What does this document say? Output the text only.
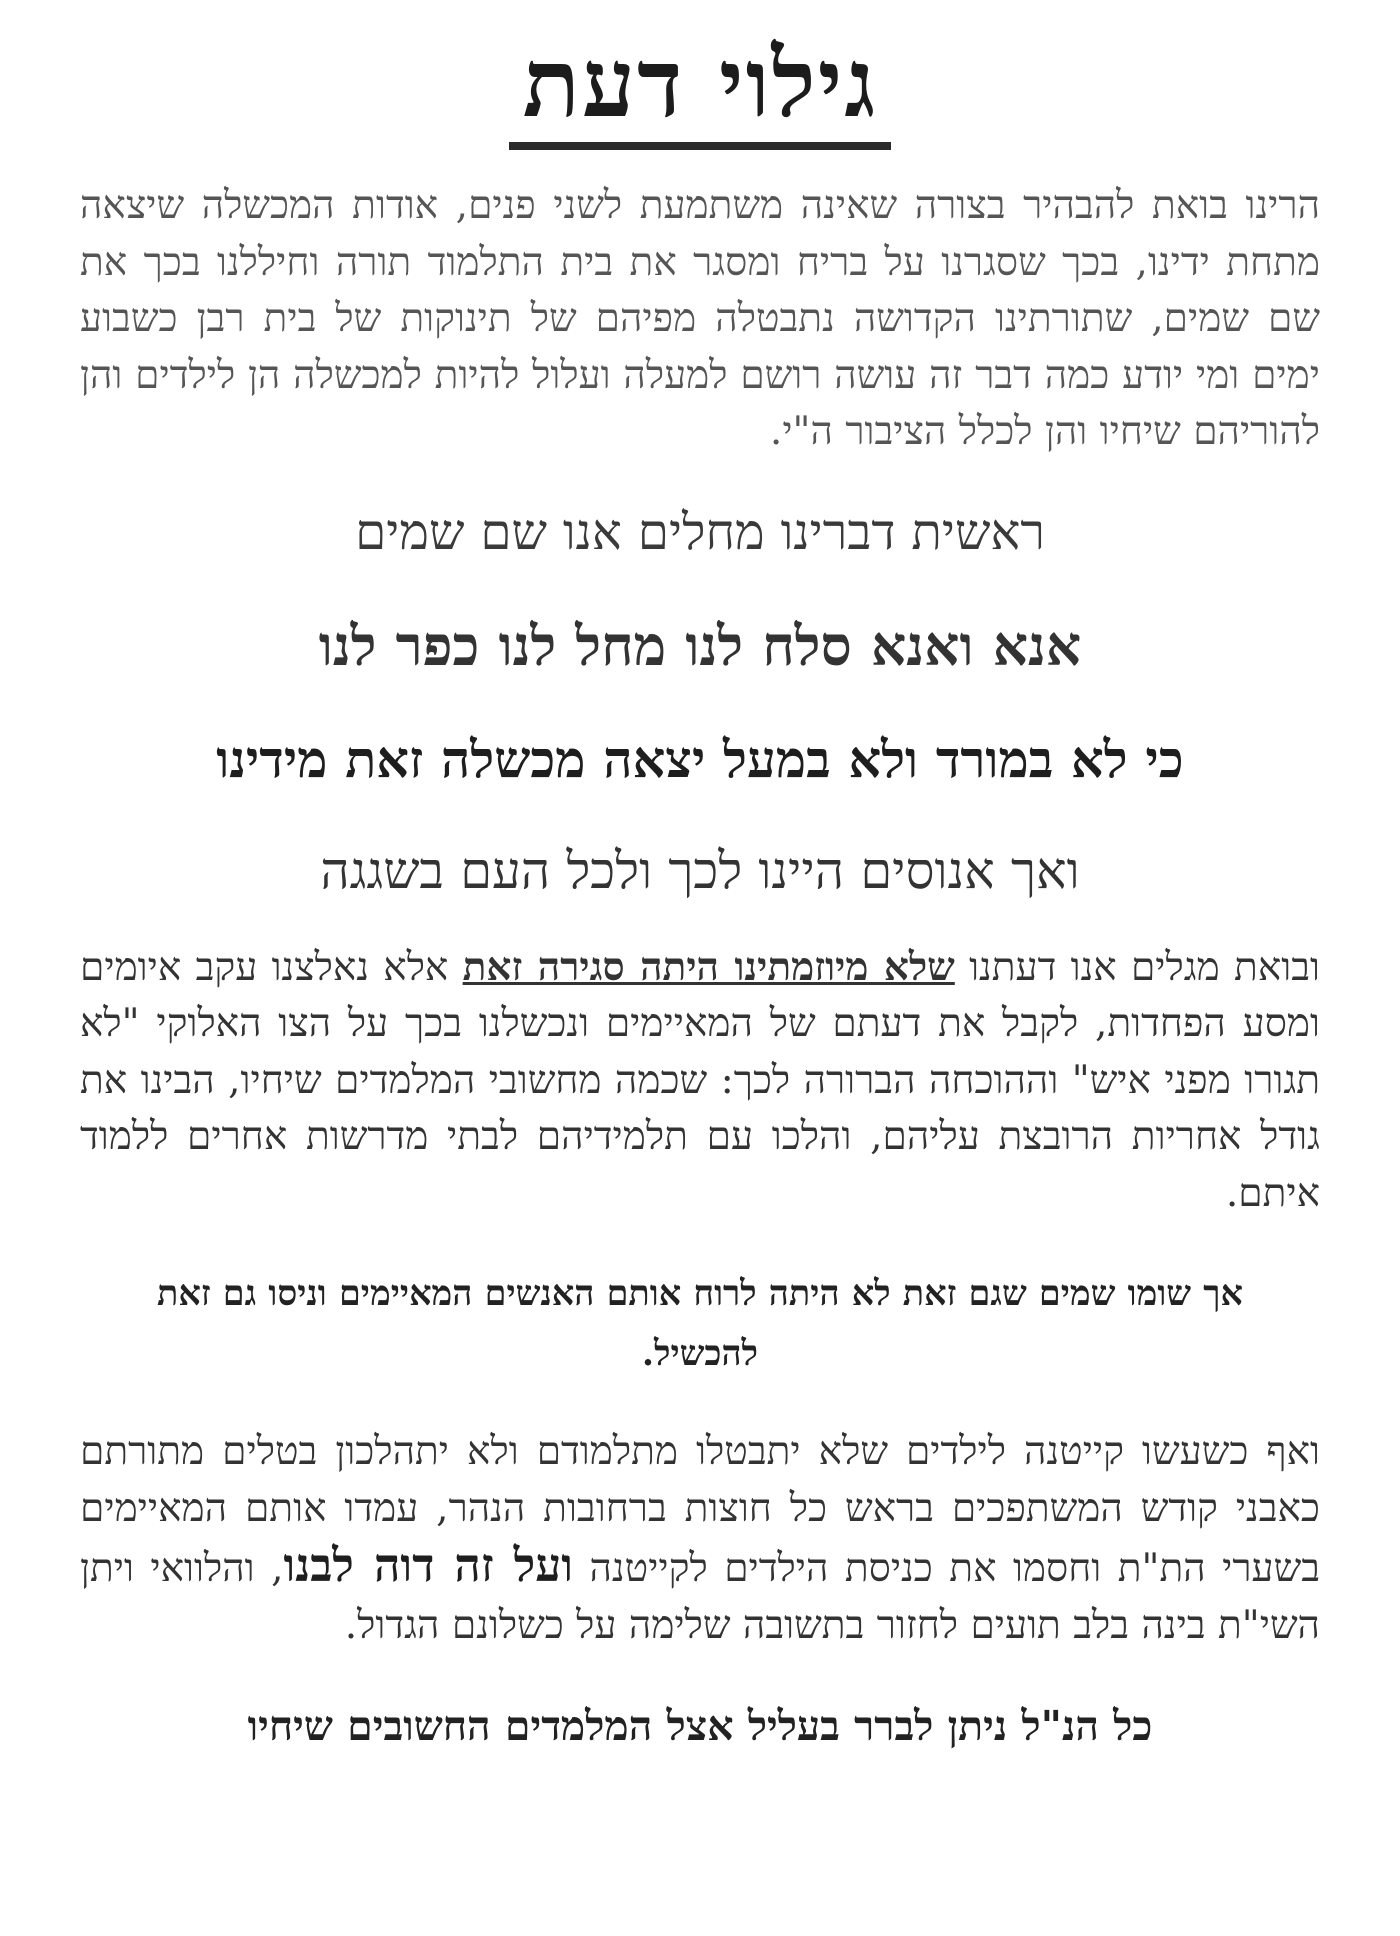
גילוי דעת

הרינו בואת להבהיר בצורה שאינה משתמעת לשני פנים, אודות המכשלה שיצאה מתחת ידינו, בכך שסגרנו על בריח ומסגר את בית התלמוד תורה וחיללנו בכך את שם שמים, שתורתינו הקדושה נתבטלה מפיהם של תינוקות של בית רבן כשבוע ימים ומי יודע כמה דבר זה עושה רושם למעלה ועלול להיות למכשלה הן לילדים והן להוריהם שיחיו והן לכלל הציבור ה"י.

ראשית דברינו מחלים אנו שם שמים

אנא ואנא סלח לנו מחל לנו כפר לנו

כי לא במורד ולא במעל יצאה מכשלה זאת מידינו

ואך אנוסים היינו לכך ולכל העם בשגגה

ובואת מגלים אנו דעתנו שלא מיוזמתינו היתה סגירה זאת אלא נאלצנו עקב איומים ומסע הפחדות, לקבל את דעתם של המאיימים ונכשלנו בכך על הצו האלוקי "לא תגורו מפני איש" וההוכחה הברורה לכך: שכמה מחשובי המלמדים שיחיו, הבינו את גודל אחריות הרובצת עליהם, והלכו עם תלמידיהם לבתי מדרשות אחרים ללמוד איתם.

אך שומו שמים שגם זאת לא היתה לרוח אותם האנשים המאיימים וניסו גם זאת להכשיל.

ואף כשעשו קייטנה לילדים שלא יתבטלו מתלמודם ולא יתהלכון בטלים מתורתם כאבני קודש המשתפכים בראש כל חוצות ברחובות הנהר, עמדו אותם המאיימים בשערי הת"ת וחסמו את כניסת הילדים לקייטנה ועל זה דוה לבנו, והלוואי ויתן השי"ת בינה בלב תועים לחזור בתשובה שלימה על כשלונם הגדול.

כל הנ"ל ניתן לברר בעליל אצל המלמדים החשובים שיחיו
